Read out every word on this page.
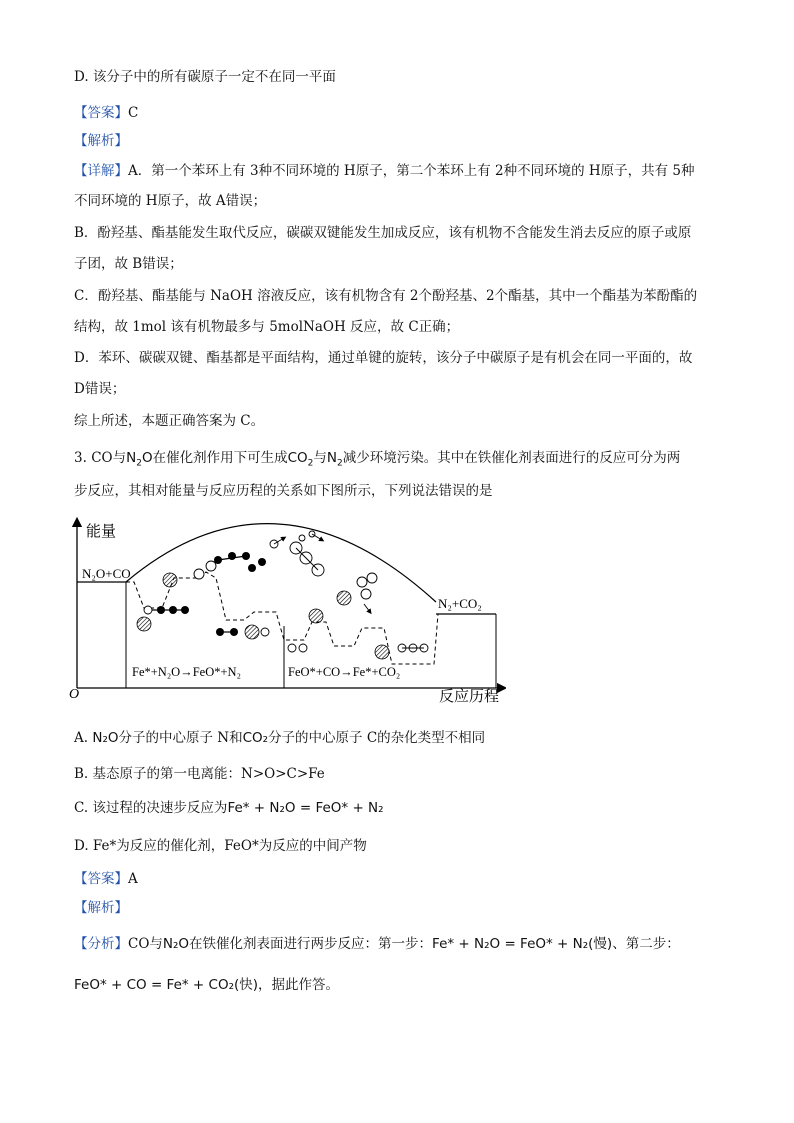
D. 该分子中的所有碳原子一定不在同一平面
【答案】C
【解析】
【详解】A．第一个苯环上有 3种不同环境的 H原子，第二个苯环上有 2种不同环境的 H原子，共有 5种
不同环境的 H原子，故 A错误；
B．酚羟基、酯基能发生取代反应，碳碳双键能发生加成反应，该有机物不含能发生消去反应的原子或原
子团，故 B错误；
C．酚羟基、酯基能与 NaOH 溶液反应，该有机物含有 2个酚羟基、2个酯基，其中一个酯基为苯酚酯的
结构，故 1mol 该有机物最多与 5molNaOH 反应，故 C正确；
D．苯环、碳碳双键、酯基都是平面结构，通过单键的旋转，该分子中碳原子是有机会在同一平面的，故
D错误；
综上所述，本题正确答案为 C。
3. CO与$N_2O$在催化剂作用下可生成$CO_2$与$N_2$减少环境污染。其中在铁催化剂表面进行的反应可分为两
步反应，其相对能量与反应历程的关系如下图所示，下列说法错误的是
能量
O	反应历程
N₂O+CO
N₂+CO₂
Fe*+N₂O→FeO*+N₂	FeO*+CO→Fe*+CO₂
A. N₂O分子的中心原子 N和CO₂分子的中心原子 C的杂化类型不相同
B. 基态原子的第一电离能：N>O>C>Fe
C. 该过程的决速步反应为Fe* + N₂O = FeO* + N₂
D. Fe*为反应的催化剂，FeO*为反应的中间产物
【答案】A
【解析】
【分析】CO与N₂O在铁催化剂表面进行两步反应：第一步：Fe* + N₂O = FeO* + N₂(慢)、第二步：
FeO* + CO = Fe* + CO₂(快)，据此作答。
